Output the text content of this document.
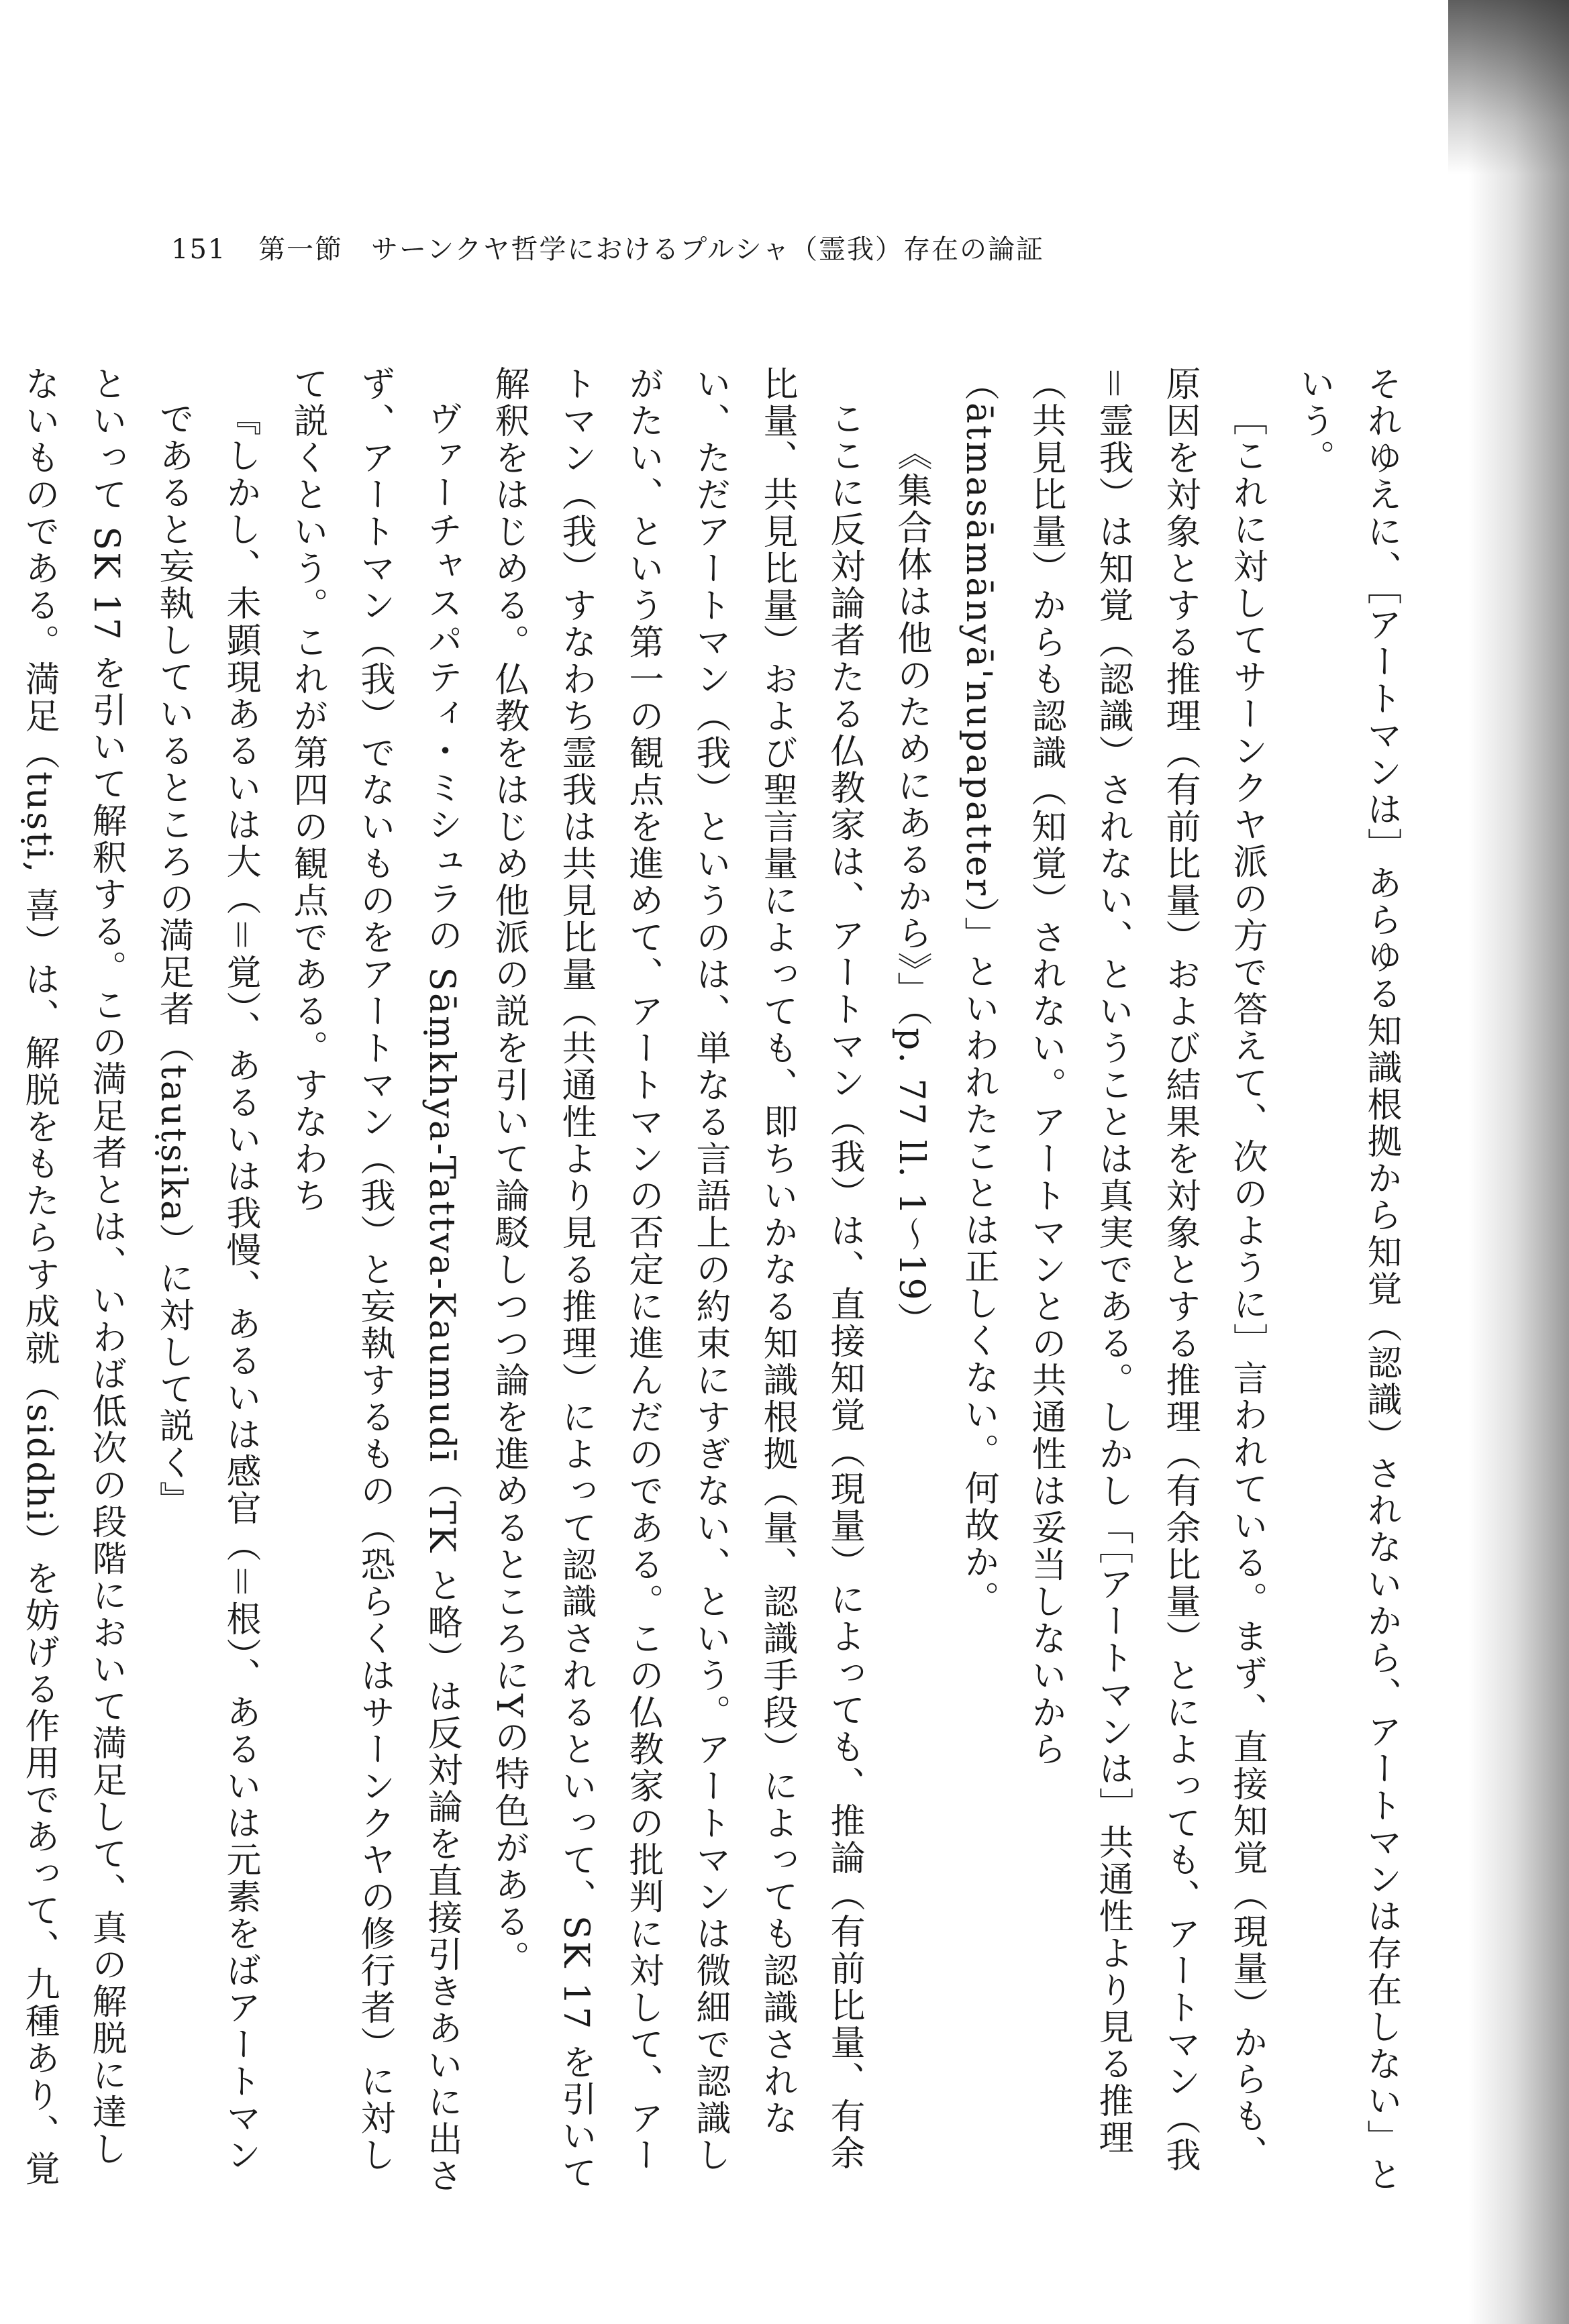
151 第一節　サーンクヤ哲学におけるプルシャ（霊我）存在の論証

それゆえに、［アートマンは］あらゆる知識根拠から知覚（認識）されないから、アートマンは存在しない」という。

［これに対してサーンクヤ派の方で答えて、次のように］言われている。まず、直接知覚（現量）からも、原因を対象とする推理（有前比量）および結果を対象とする推理（有余比量）とによっても、アートマン（我＝霊我）は知覚（認識）されない、ということは真実である。しかし「［アートマンは］共通性より見る推理（共見比量）からも認識（知覚）されない。アートマンとの共通性は妥当しないから（ātmasāmānyā'nupapatter）」といわれたことは正しくない。何故か。

《集合体は他のためにあるから》」（p. 77 ll. 1〜19）

ここに反対論者たる仏教家は、アートマン（我）は、直接知覚（現量）によっても、推論（有前比量、有余比量、共見比量）および聖言量によっても、即ちいかなる知識根拠（量、認識手段）によっても認識されない、ただアートマン（我）というのは、単なる言語上の約束にすぎない、という。アートマンは微細で認識しがたい、という第一の観点を進めて、アートマンの否定に進んだのである。この仏教家の批判に対して、アートマン（我）すなわち霊我は共見比量（共通性より見る推理）によって認識されるといって、SK 17 を引いて解釈をはじめる。仏教をはじめ他派の説を引いて論駁しつつ論を進めるところにYの特色がある。

ヴァーチャスパティ・ミシュラの Sāṃkhya-Tattva-Kaumudī（TK と略）は反対論を直接引きあいに出さず、アートマン（我）でないものをアートマン（我）と妄執するもの（恐らくはサーンクヤの修行者）に対して説くという。これが第四の観点である。すなわち

『しかし、未顕現あるいは大（＝覚）、あるいは我慢、あるいは感官（＝根）、あるいは元素をばアートマンであると妄執しているところの満足者（tauṭṣika）に対して説く』

といって SK 17 を引いて解釈する。この満足者とは、いわば低次の段階において満足して、真の解脱に達しないものである。満足（tuṣṭi, 喜）は、解脱をもたらす成就（siddhi）を妨げる作用であって、九種あり、覚
